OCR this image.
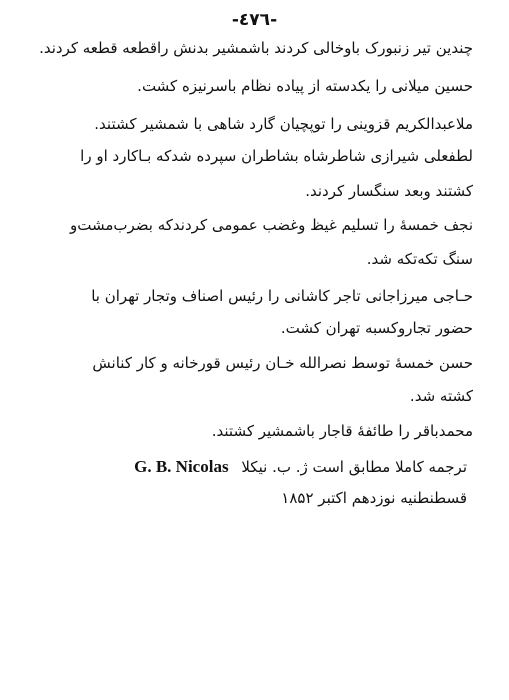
-٤٧٦-
چندین تیر زنبورک باوخالی کردند باشمشیر بدنش راقطعه قطعه کردند.
حسین میلانی را یکدسته از پیاده نظام باسرنیزه کشت.
ملاعبدالکریم قزوینی را توپچیان گارد شاهی با شمشیر کشتند.
لطفعلی شیرازی شاطرشاه بشاطران سپرده شدکه بـاکارد او را
کشتند وبعد سنگسار کردند.
نجف خمسهٔ را تسلیم غیظ وغضب عمومی کردندکه بضرب‌مشت‌و
سنگ تکه‌تکه شد.
حـاجی میرزاجانی تاجر کاشانی را رئیس اصناف وتجار تهران با
حضور تجاروکسبه تهران کشت.
حسن خمسهٔ توسط نصرالله خـان رئیس قورخانه و کار کنانش
کشته شد.
محمدباقر را طائفهٔ قاجار باشمشیر کشتند.
ترجمه کاملا مطابق است ژ. ب. نیکلا G. B. Nicolas
قسطنطنیه نوزدهم اکتبر ۱۸۵۲
